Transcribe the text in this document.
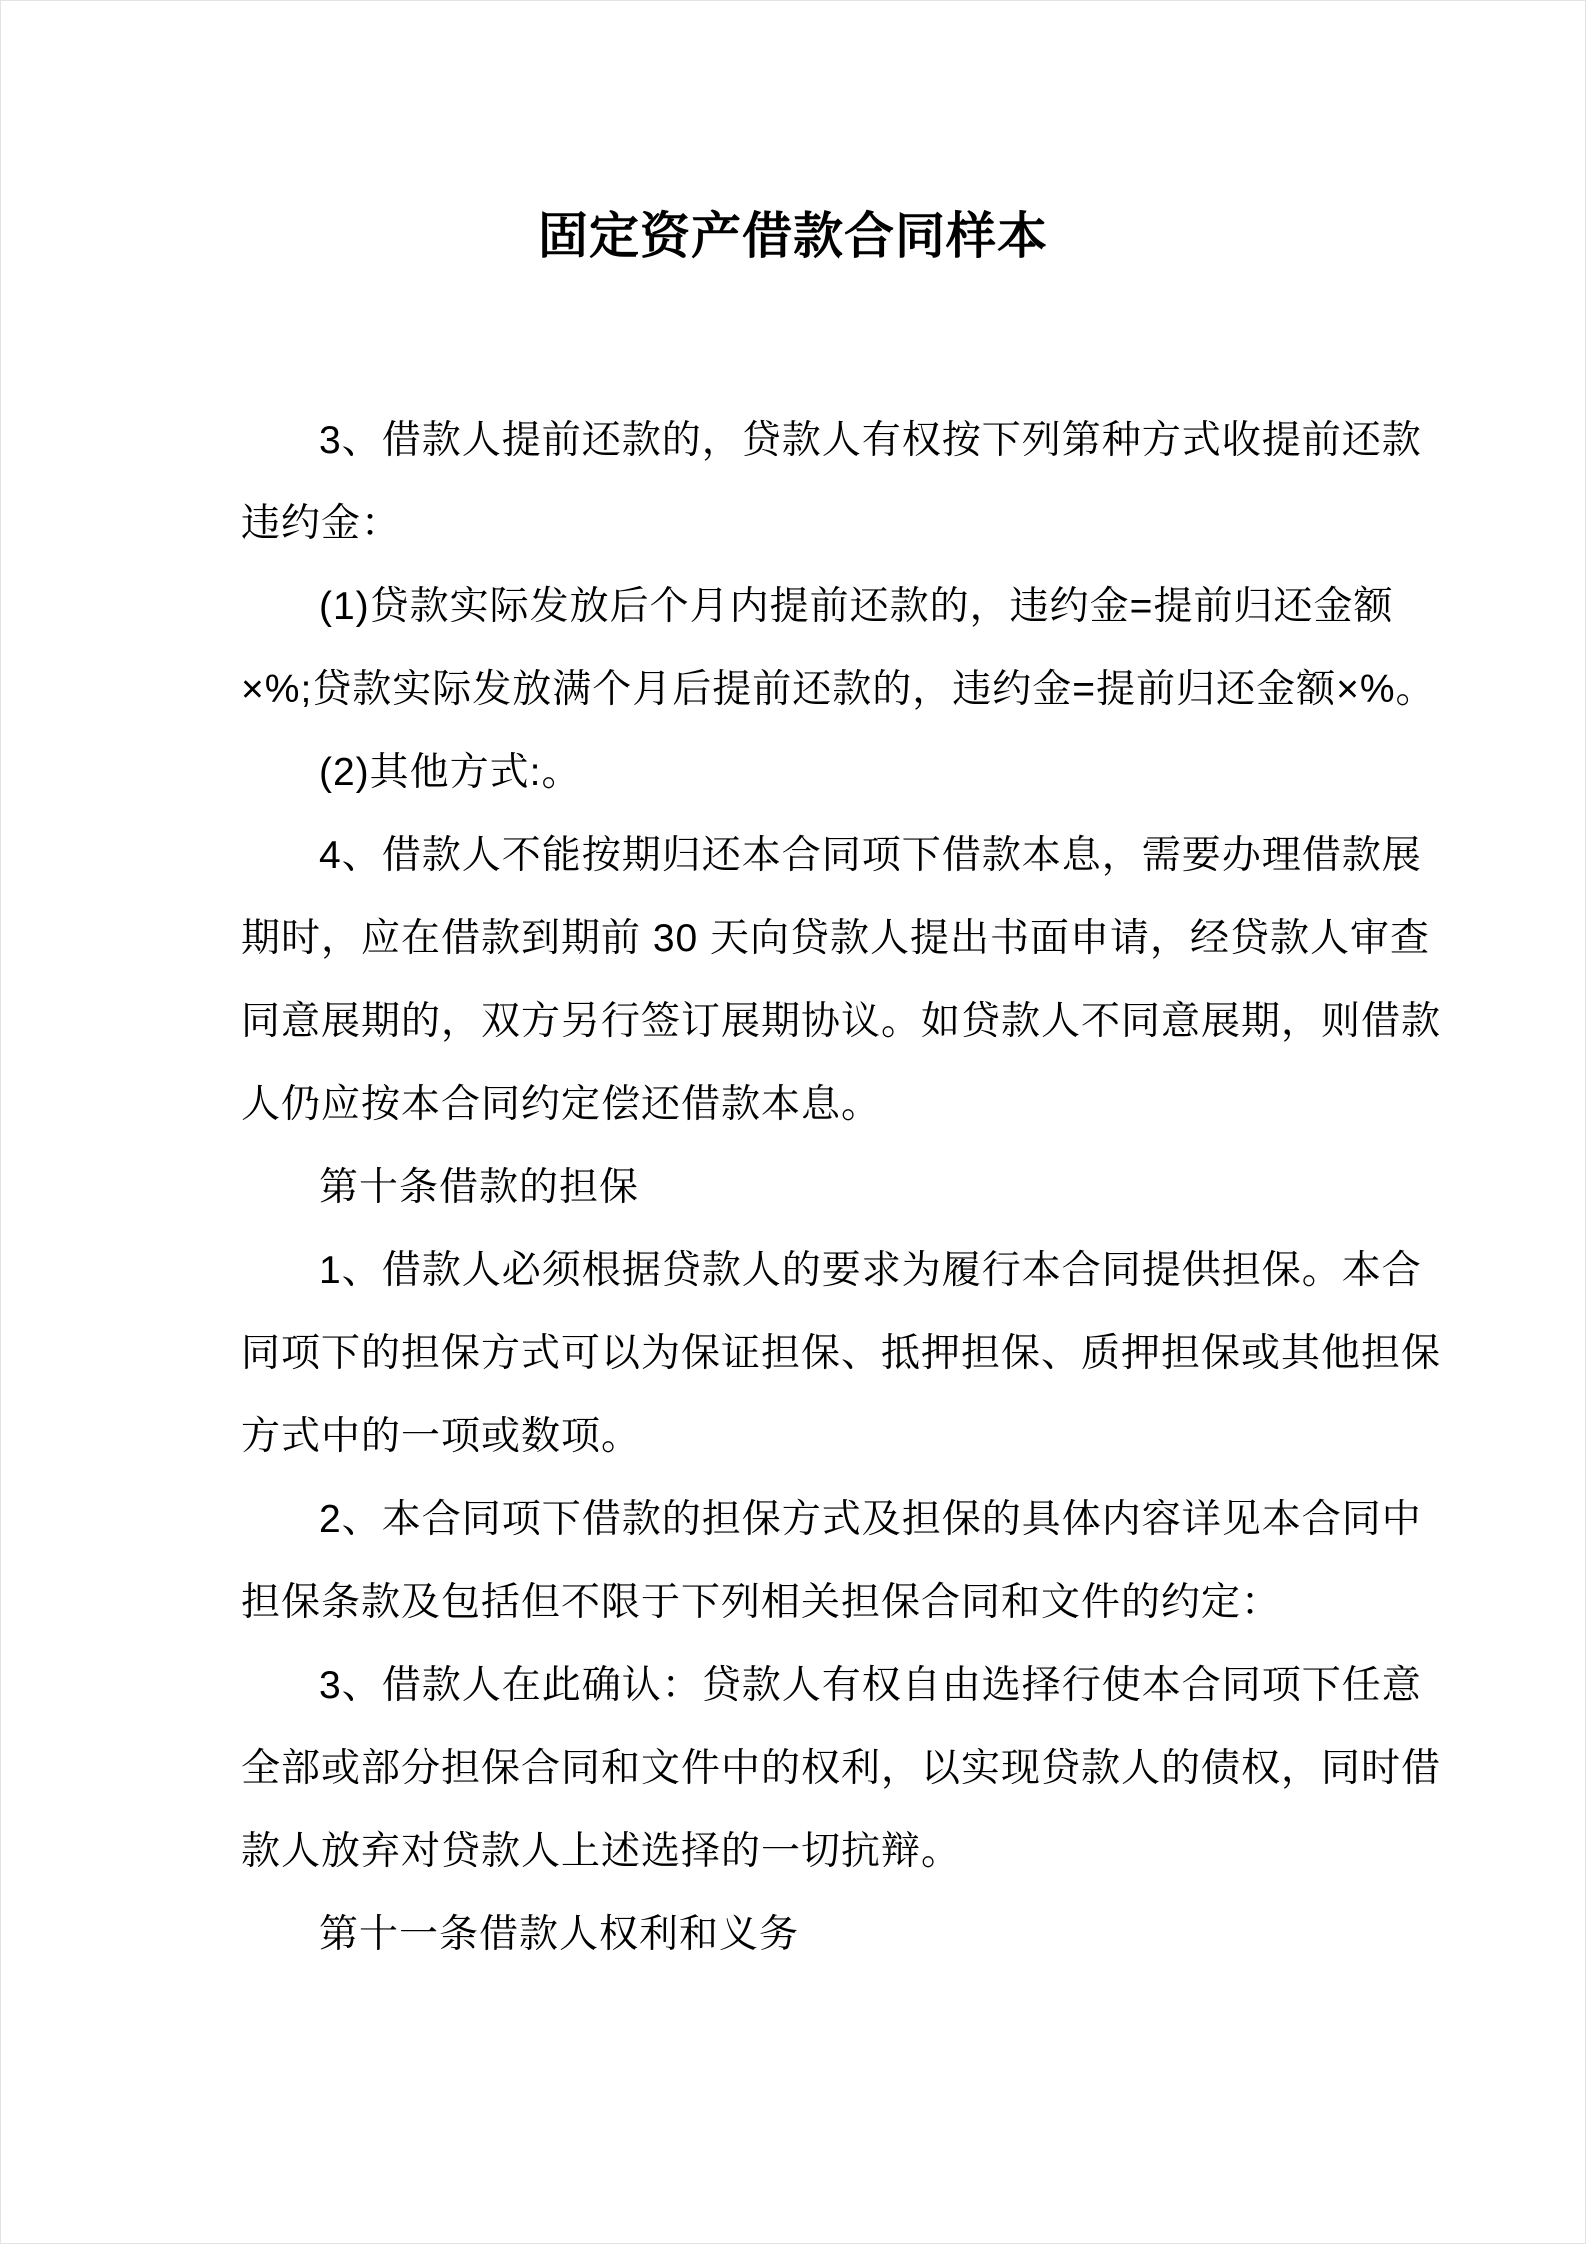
固定资产借款合同样本
3、借款人提前还款的，贷款人有权按下列第种方式收提前还款
违约金：
(1)贷款实际发放后个月内提前还款的，违约金=提前归还金额
×%;贷款实际发放满个月后提前还款的，违约金=提前归还金额×%。
(2)其他方式:。
4、借款人不能按期归还本合同项下借款本息，需要办理借款展
期时，应在借款到期前 30 天向贷款人提出书面申请，经贷款人审查
同意展期的，双方另行签订展期协议。如贷款人不同意展期，则借款
人仍应按本合同约定偿还借款本息。
第十条借款的担保
1、借款人必须根据贷款人的要求为履行本合同提供担保。本合
同项下的担保方式可以为保证担保、抵押担保、质押担保或其他担保
方式中的一项或数项。
2、本合同项下借款的担保方式及担保的具体内容详见本合同中
担保条款及包括但不限于下列相关担保合同和文件的约定：
3、借款人在此确认：贷款人有权自由选择行使本合同项下任意
全部或部分担保合同和文件中的权利，以实现贷款人的债权，同时借
款人放弃对贷款人上述选择的一切抗辩。
第十一条借款人权利和义务
